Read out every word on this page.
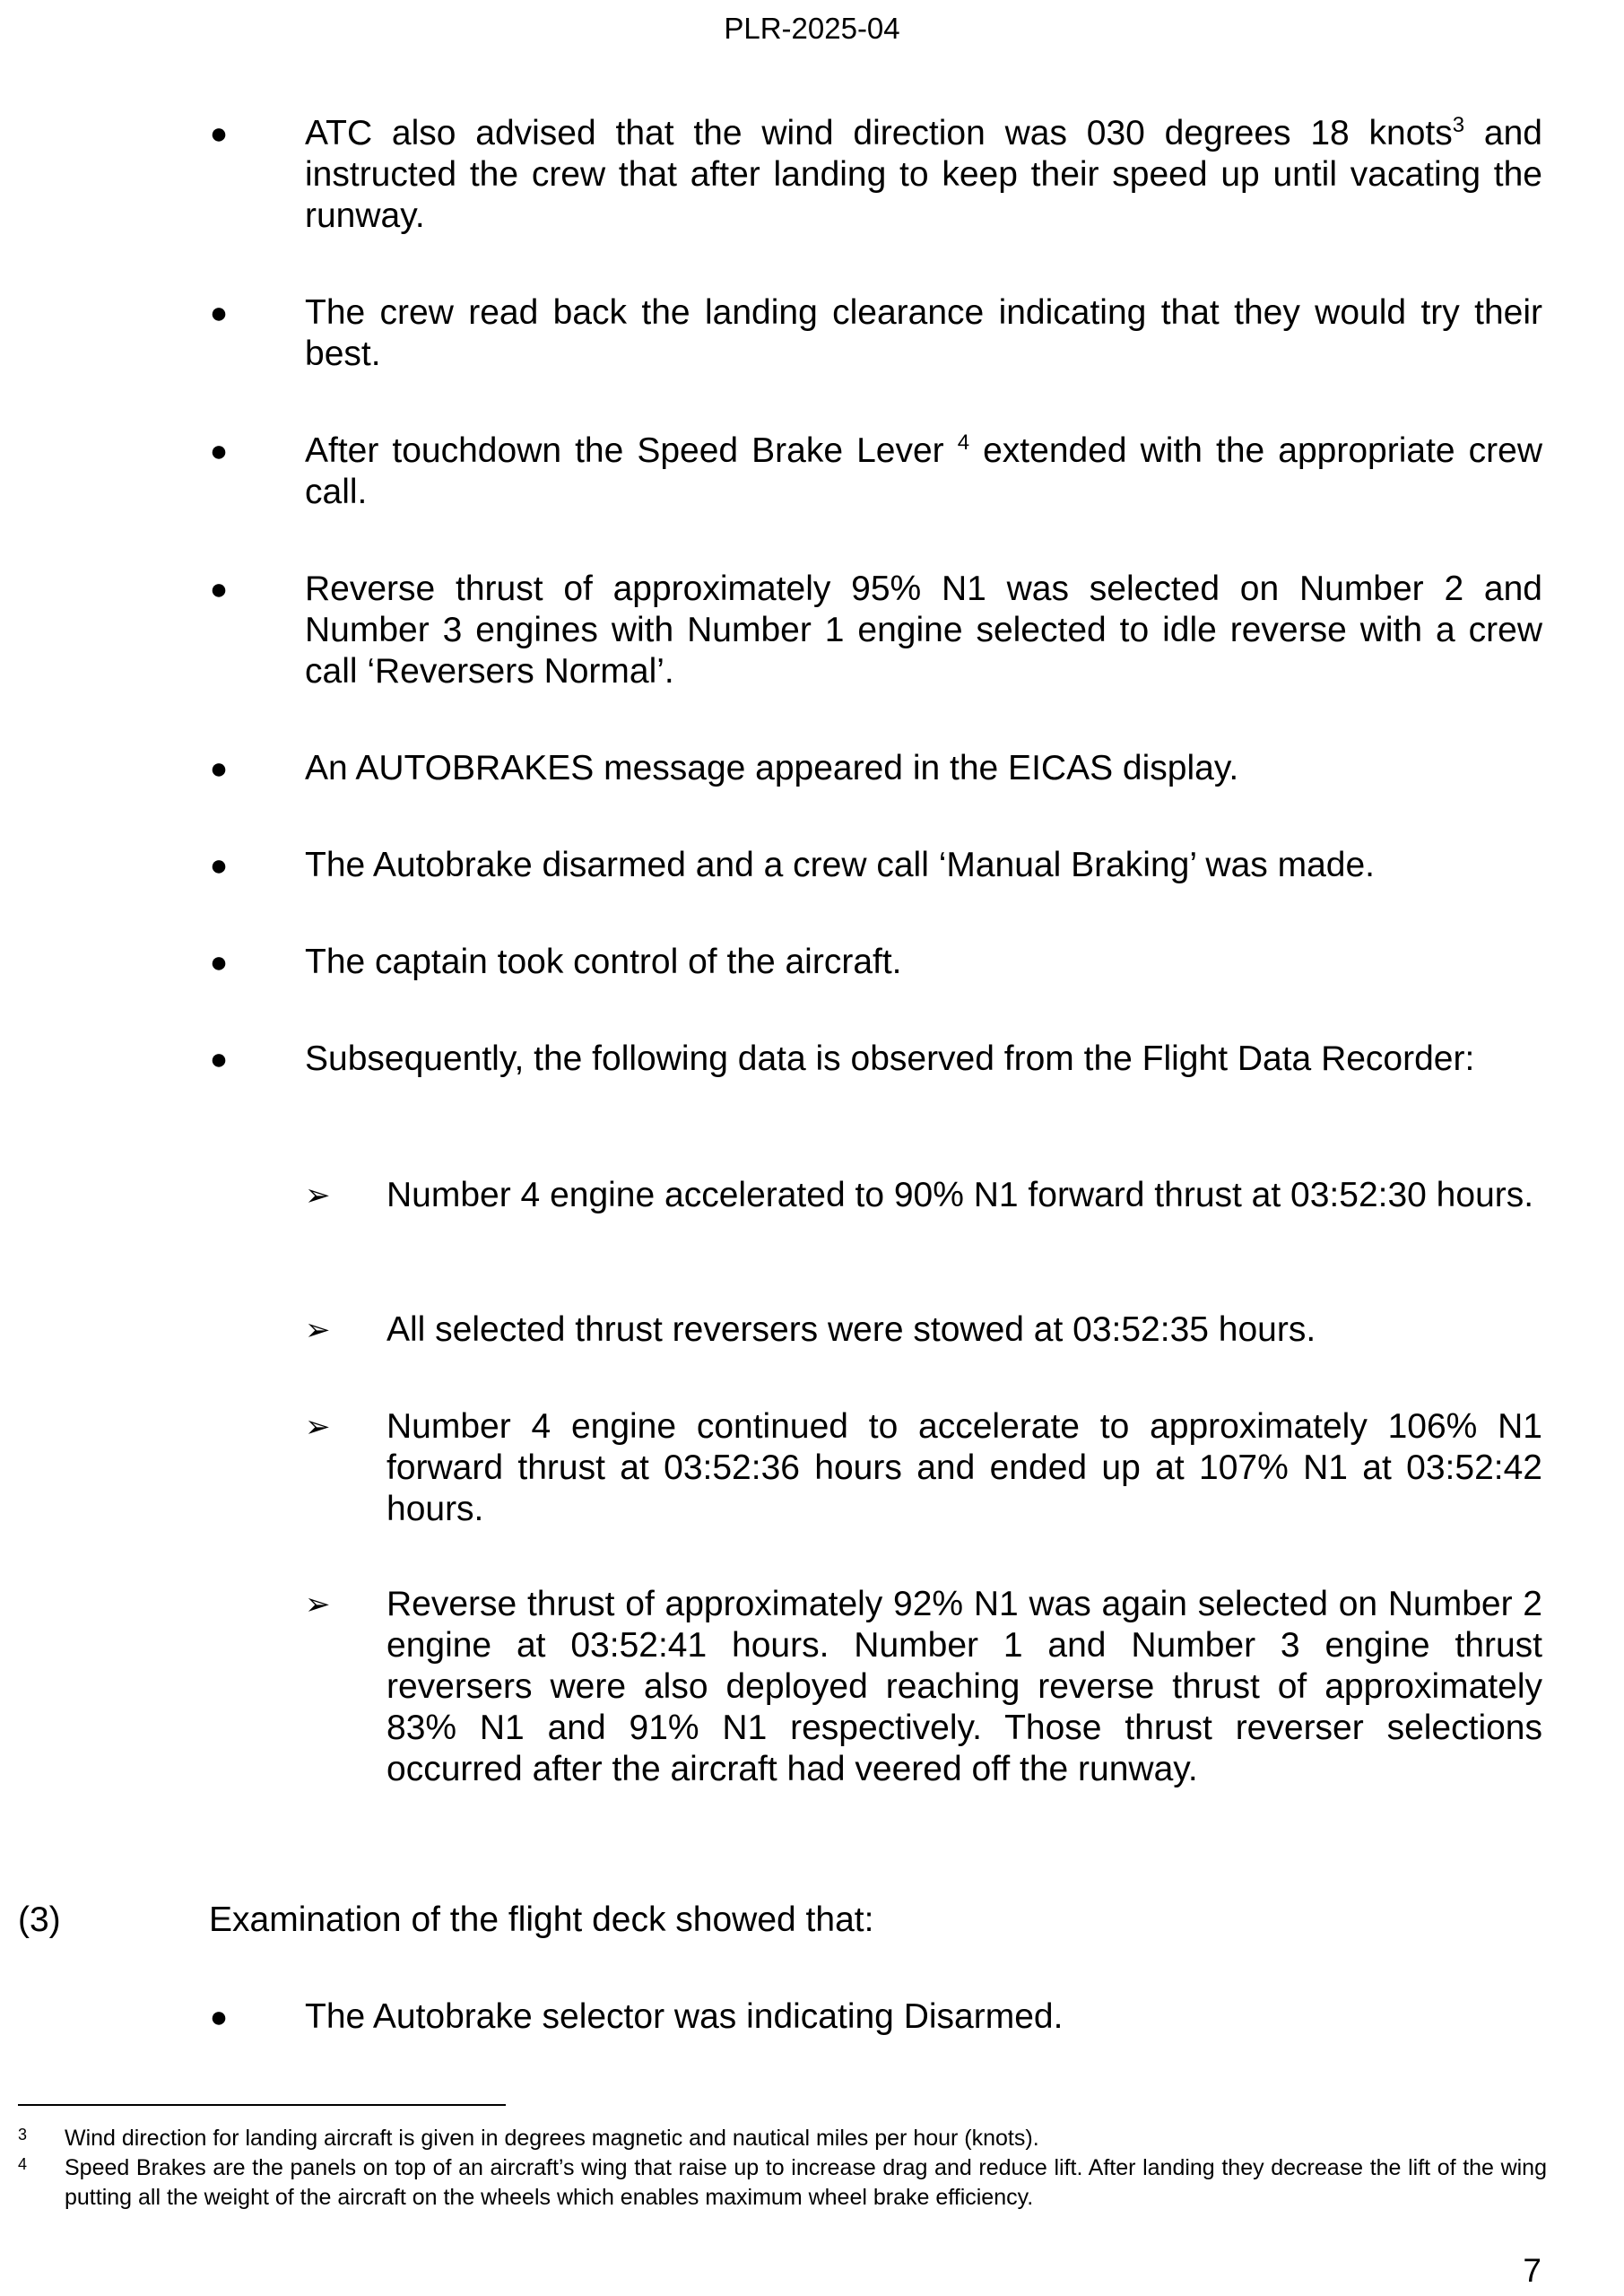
PLR-2025-04
● ATC also advised that the wind direction was 030 degrees 18 knots$^3$ and instructed the crew that after landing to keep their speed up until vacating the runway.

● The crew read back the landing clearance indicating that they would try their best.

● After touchdown the Speed Brake Lever $^4$ extended with the appropriate crew call.

● Reverse thrust of approximately 95% N1 was selected on Number 2 and Number 3 engines with Number 1 engine selected to idle reverse with a crew call ‘Reversers Normal’.

● An AUTOBRAKES message appeared in the EICAS display.

● The Autobrake disarmed and a crew call ‘Manual Braking’ was made.

● The captain took control of the aircraft.

● Subsequently, the following data is observed from the Flight Data Recorder:

➢ Number 4 engine accelerated to 90% N1 forward thrust at 03:52:30 hours.

➢ All selected thrust reversers were stowed at 03:52:35 hours.

➢ Number 4 engine continued to accelerate to approximately 106% N1 forward thrust at 03:52:36 hours and ended up at 107% N1 at 03:52:42 hours.

➢ Reverse thrust of approximately 92% N1 was again selected on Number 2 engine at 03:52:41 hours. Number 1 and Number 3 engine thrust reversers were also deployed reaching reverse thrust of approximately 83% N1 and 91% N1 respectively. Those thrust reverser selections occurred after the aircraft had veered off the runway.

(3)	Examination of the flight deck showed that:
● The Autobrake selector was indicating Disarmed.

3 Wind direction for landing aircraft is given in degrees magnetic and nautical miles per hour (knots).
4 Speed Brakes are the panels on top of an aircraft’s wing that raise up to increase drag and reduce lift. After landing they decrease the lift of the wing putting all the weight of the aircraft on the wheels which enables maximum wheel brake efficiency.
7
